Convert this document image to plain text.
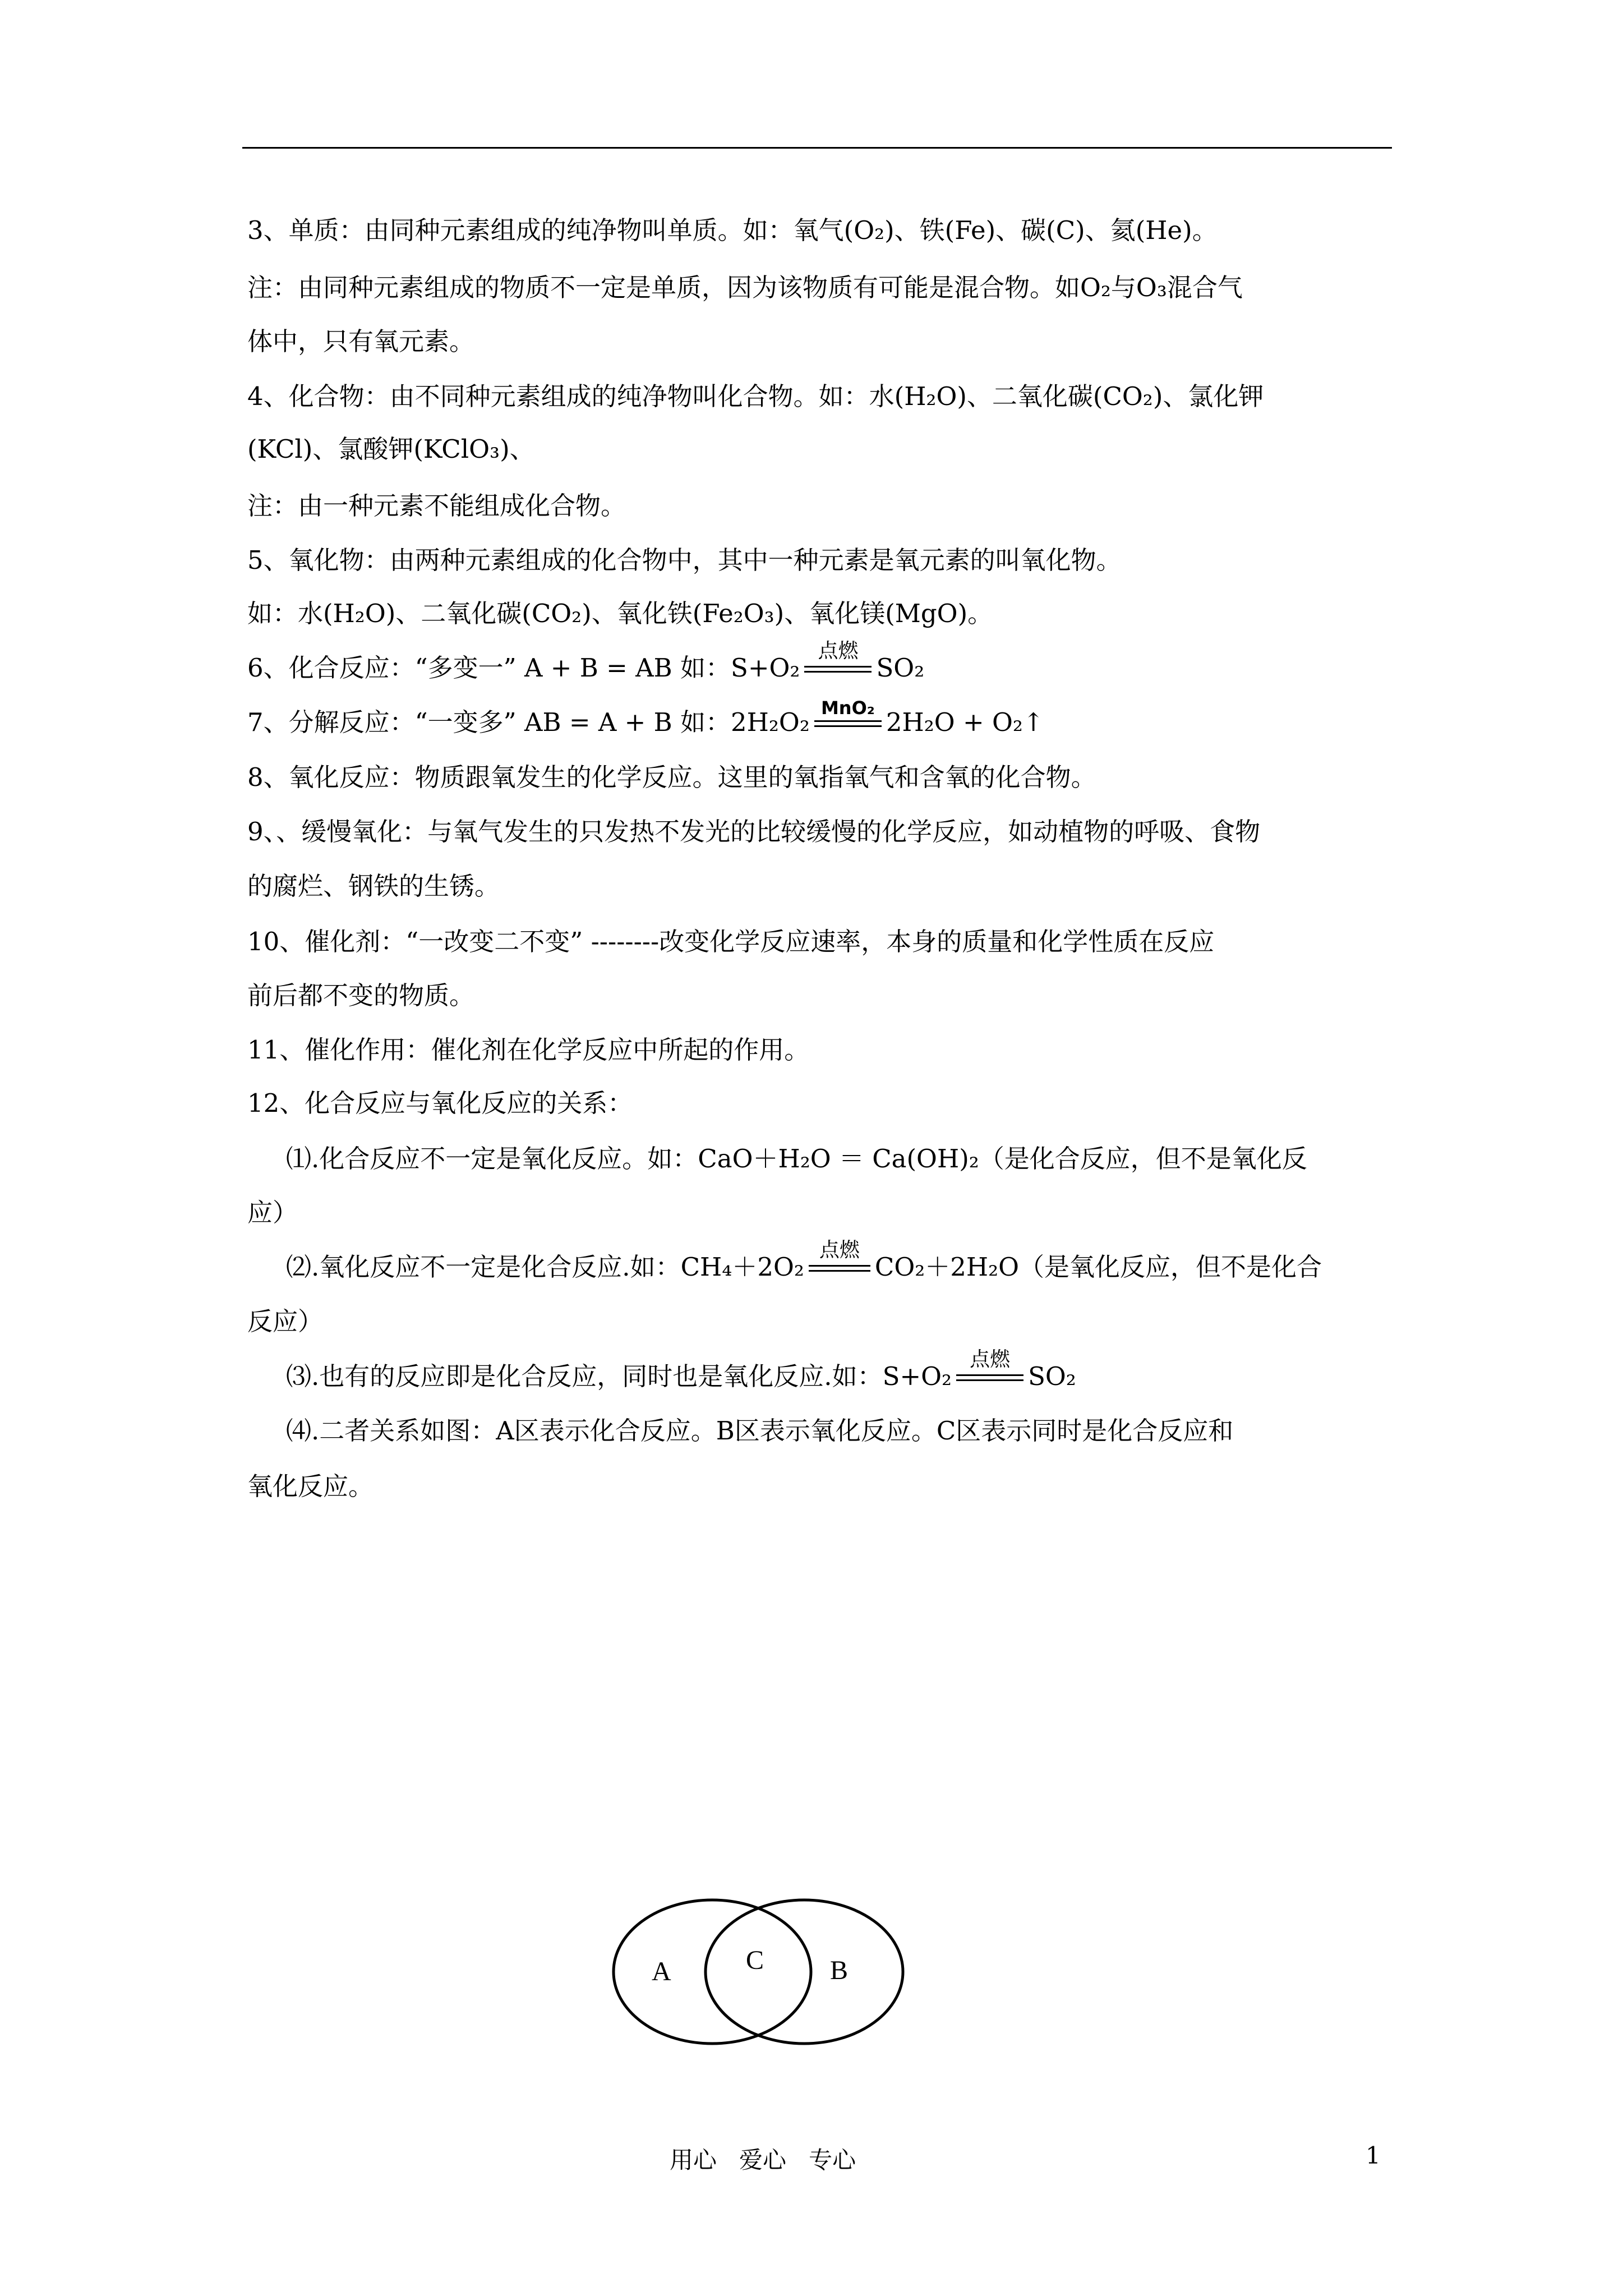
3、单质：由同种元素组成的纯净物叫单质。如：氧气(O₂)、铁(Fe)、碳(C)、氦(He)。
注：由同种元素组成的物质不一定是单质，因为该物质有可能是混合物。如O₂与O₃混合气
体中，只有氧元素。
4、化合物：由不同种元素组成的纯净物叫化合物。如：水(H₂O)、二氧化碳(CO₂)、氯化钾
(KCl)、氯酸钾(KClO₃)、
注：由一种元素不能组成化合物。
5、氧化物：由两种元素组成的化合物中，其中一种元素是氧元素的叫氧化物。
如：水(H₂O)、二氧化碳(CO₂)、氧化铁(Fe₂O₃)、氧化镁(MgO)。
6、化合反应：“多变一” A + B = AB 如：S+O₂
点燃
SO₂
7、分解反应：“一变多” AB = A + B 如：2H₂O₂ MnO₂ 2H₂O + O₂↑
8、氧化反应：物质跟氧发生的化学反应。这里的氧指氧气和含氧的化合物。
9、、缓慢氧化：与氧气发生的只发热不发光的比较缓慢的化学反应，如动植物的呼吸、食物
的腐烂、钢铁的生锈。
10、催化剂：“一改变二不变” --------改变化学反应速率，本身的质量和化学性质在反应
前后都不变的物质。
11、催化作用：催化剂在化学反应中所起的作用。
12、化合反应与氧化反应的关系：
⑴.化合反应不一定是氧化反应。如：CaO＋H₂O ＝ Ca(OH)₂（是化合反应，但不是氧化反
应）
⑵.氧化反应不一定是化合反应.如：CH₄＋2O₂
点燃
CO₂＋2H₂O（是氧化反应，但不是化合
反应）
⑶.也有的反应即是化合反应，同时也是氧化反应.如：S+O₂
点燃
SO₂
⑷.二者关系如图：A区表示化合反应。B区表示氧化反应。C区表示同时是化合反应和
氧化反应。
A	C B
用心   爱心   专心	1
